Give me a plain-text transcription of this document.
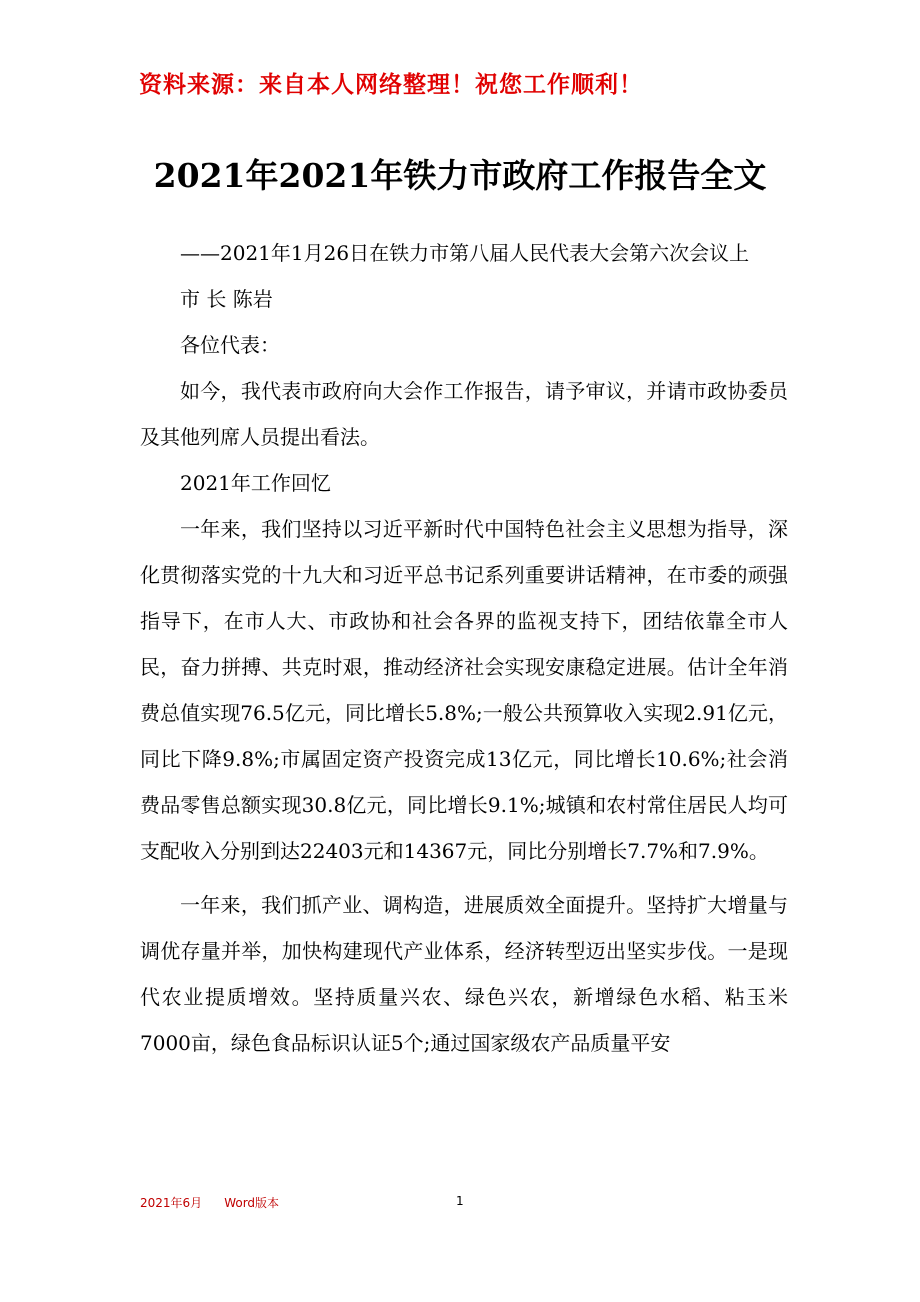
资料来源：来自本人网络整理！祝您工作顺利！
2021年2021年铁力市政府工作报告全文

——2021年1月26日在铁力市第八届人民代表大会第六次会议上

市 长 陈岩

各位代表：

如今，我代表市政府向大会作工作报告，请予审议，并请市政协委员及其他列席人员提出看法。

2021年工作回忆

一年来，我们坚持以习近平新时代中国特色社会主义思想为指导，深化贯彻落实党的十九大和习近平总书记系列重要讲话精神，在市委的顽强指导下，在市人大、市政协和社会各界的监视支持下，团结依靠全市人民，奋力拼搏、共克时艰，推动经济社会实现安康稳定进展。估计全年消费总值实现76.5亿元，同比增长5.8%;一般公共预算收入实现2.91亿元，同比下降9.8%;市属固定资产投资完成13亿元，同比增长10.6%;社会消费品零售总额实现30.8亿元，同比增长9.1%;城镇和农村常住居民人均可支配收入分别到达22403元和14367元，同比分别增长7.7%和7.9%。

一年来，我们抓产业、调构造，进展质效全面提升。坚持扩大增量与调优存量并举，加快构建现代产业体系，经济转型迈出坚实步伐。一是现代农业提质增效。坚持质量兴农、绿色兴农，新增绿色水稻、粘玉米7000亩，绿色食品标识认证5个;通过国家级农产品质量平安

2021年6月 Word版本	1
